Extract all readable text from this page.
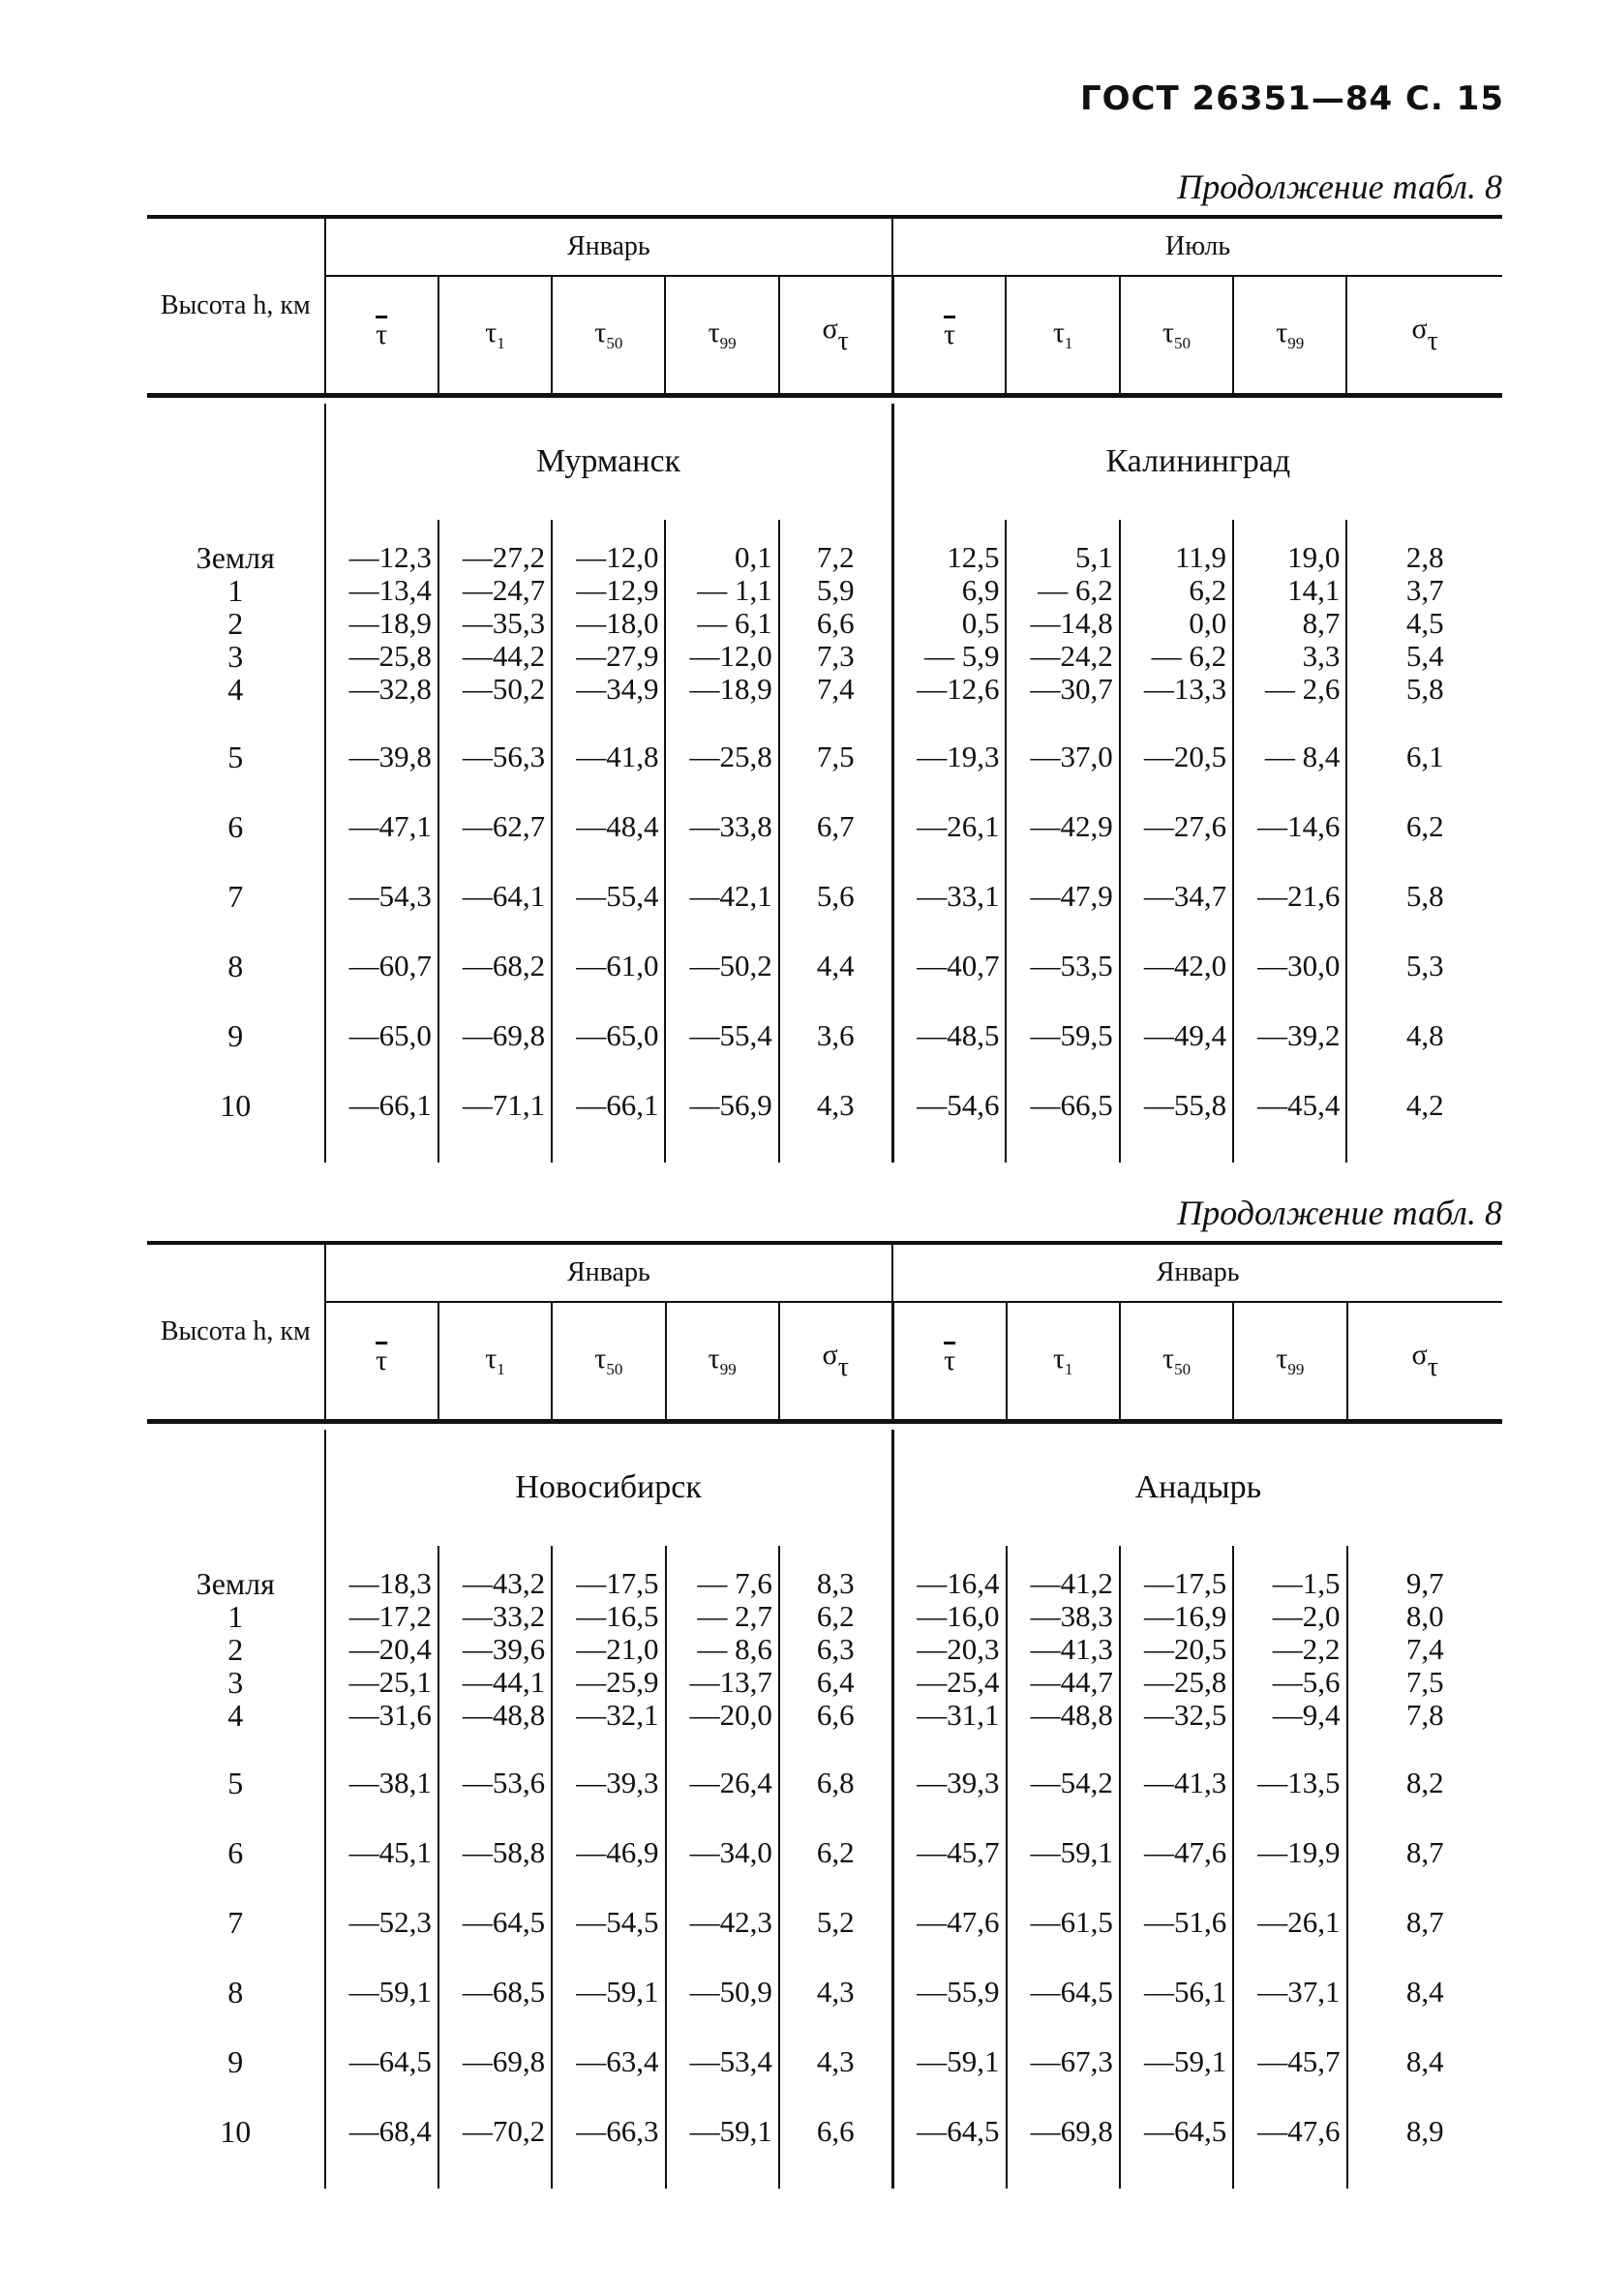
ГОСТ 26351—84 С. 15
Продолжение табл. 8
Высота h, км	Январь					Июль				
	$\overline{\tau}$	$\tau_1$	$\tau_{50}$	$\tau_{99}$	$\sigma_\tau$	$\overline{\tau}$	$\tau_1$	$\tau_{50}$	$\tau_{99}$	$\sigma_\tau$

	Мурманск					Калининград				
Земля	—12,3	—27,2	—12,0	0,1	7,2	12,5	5,1	11,9	19,0	2,8
1	—13,4	—24,7	—12,9	— 1,1	5,9	6,9	— 6,2	6,2	14,1	3,7
2	—18,9	—35,3	—18,0	— 6,1	6,6	0,5	—14,8	0,0	8,7	4,5
3	—25,8	—44,2	—27,9	—12,0	7,3	— 5,9	—24,2	— 6,2	3,3	5,4
4	—32,8	—50,2	—34,9	—18,9	7,4	—12,6	—30,7	—13,3	— 2,6	5,8
5	—39,8	—56,3	—41,8	—25,8	7,5	—19,3	—37,0	—20,5	— 8,4	6,1
6	—47,1	—62,7	—48,4	—33,8	6,7	—26,1	—42,9	—27,6	—14,6	6,2
7	—54,3	—64,1	—55,4	—42,1	5,6	—33,1	—47,9	—34,7	—21,6	5,8
8	—60,7	—68,2	—61,0	—50,2	4,4	—40,7	—53,5	—42,0	—30,0	5,3
9	—65,0	—69,8	—65,0	—55,4	3,6	—48,5	—59,5	—49,4	—39,2	4,8
10	—66,1	—71,1	—66,1	—56,9	4,3	—54,6	—66,5	—55,8	—45,4	4,2

Продолжение табл. 8
Высота h, км	Январь					Январь				
	$\overline{\tau}$	$\tau_1$	$\tau_{50}$	$\tau_{99}$	$\sigma_\tau$	$\overline{\tau}$	$\tau_1$	$\tau_{50}$	$\tau_{99}$	$\sigma_\tau$

	Новосибирск					Анадырь				
Земля	—18,3	—43,2	—17,5	— 7,6	8,3	—16,4	—41,2	—17,5	—1,5	9,7
1	—17,2	—33,2	—16,5	— 2,7	6,2	—16,0	—38,3	—16,9	—2,0	8,0
2	—20,4	—39,6	—21,0	— 8,6	6,3	—20,3	—41,3	—20,5	—2,2	7,4
3	—25,1	—44,1	—25,9	—13,7	6,4	—25,4	—44,7	—25,8	—5,6	7,5
4	—31,6	—48,8	—32,1	—20,0	6,6	—31,1	—48,8	—32,5	—9,4	7,8
5	—38,1	—53,6	—39,3	—26,4	6,8	—39,3	—54,2	—41,3	—13,5	8,2
6	—45,1	—58,8	—46,9	—34,0	6,2	—45,7	—59,1	—47,6	—19,9	8,7
7	—52,3	—64,5	—54,5	—42,3	5,2	—47,6	—61,5	—51,6	—26,1	8,7
8	—59,1	—68,5	—59,1	—50,9	4,3	—55,9	—64,5	—56,1	—37,1	8,4
9	—64,5	—69,8	—63,4	—53,4	4,3	—59,1	—67,3	—59,1	—45,7	8,4
10	—68,4	—70,2	—66,3	—59,1	6,6	—64,5	—69,8	—64,5	—47,6	8,9
